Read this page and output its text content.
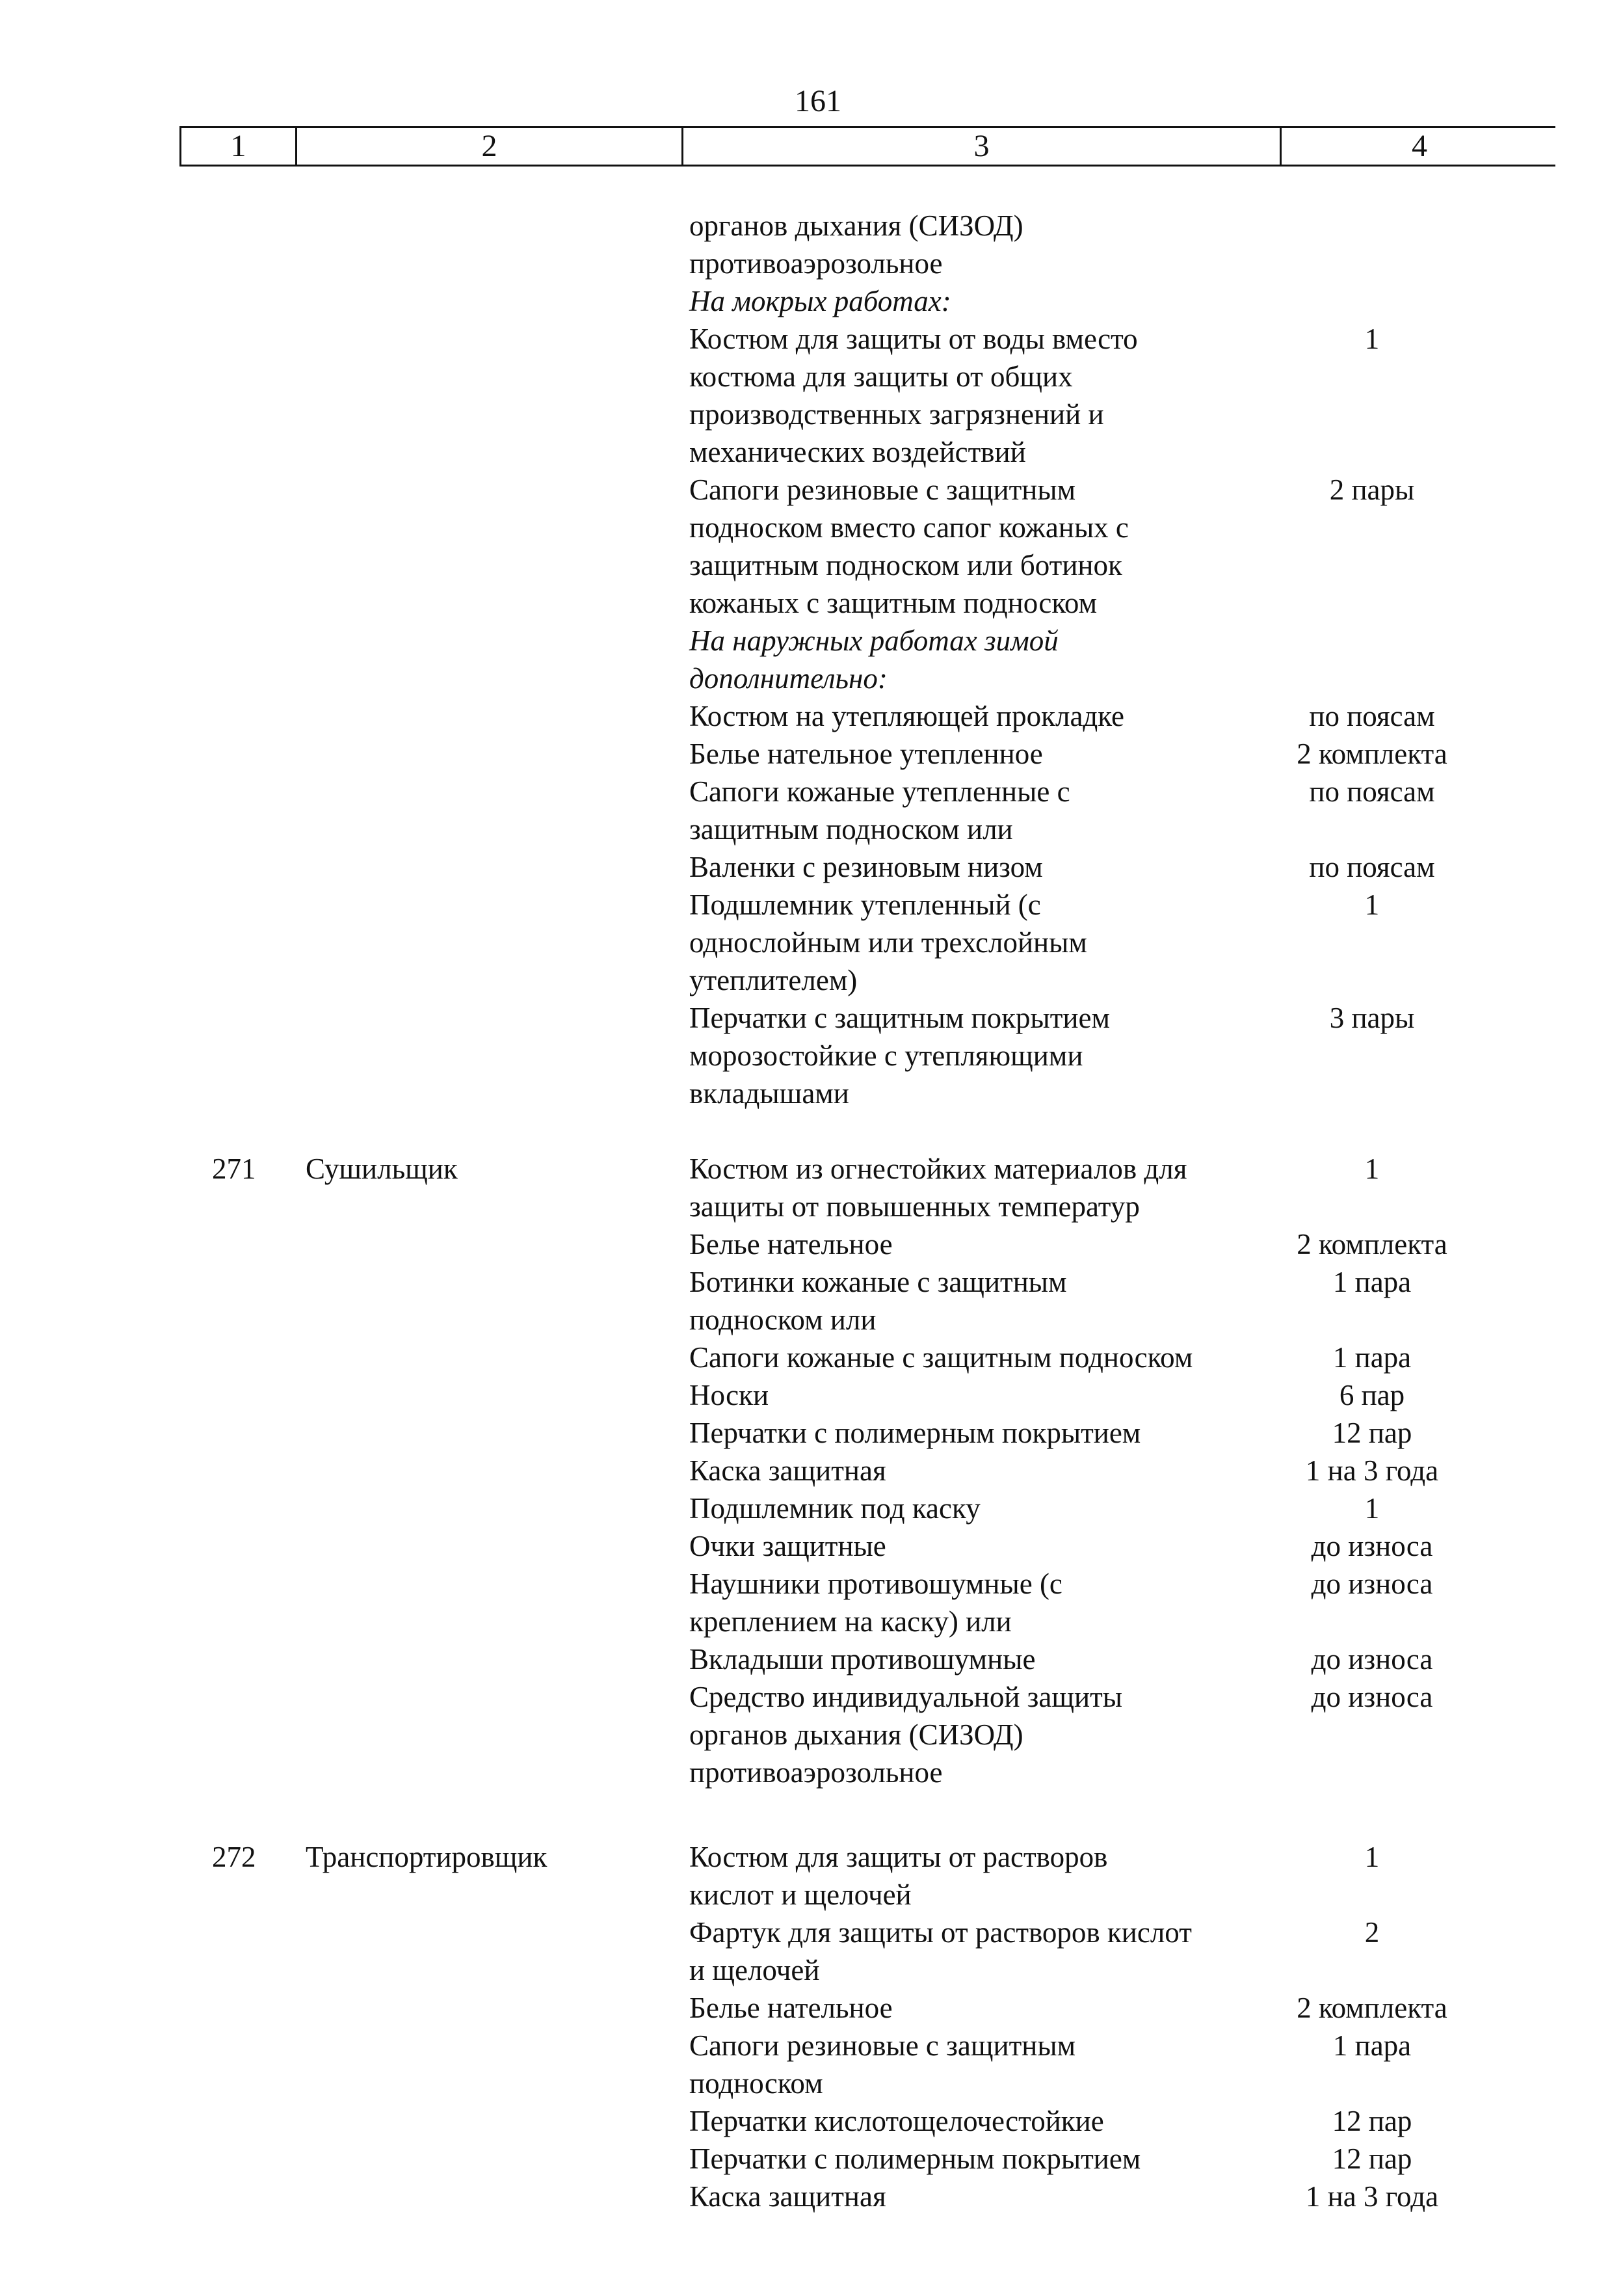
161
1	2	3	4
органов дыхания (СИЗОД)
противоаэрозольное
На мокрых работах:
Костюм для защиты от воды вместо	1
костюма для защиты от общих
производственных загрязнений и
механических воздействий
Сапоги резиновые с защитным	2 пары
подноском вместо сапог кожаных с
защитным подноском или ботинок
кожаных с защитным подноском
На наружных работах зимой
дополнительно:
Костюм на утепляющей прокладке	по поясам
Белье нательное утепленное	2 комплекта
Сапоги кожаные утепленные с	по поясам
защитным подноском или
Валенки с резиновым низом	по поясам
Подшлемник утепленный (с	1
однослойным или трехслойным
утеплителем)
Перчатки с защитным покрытием	3 пары
морозостойкие с утепляющими
вкладышами
271 Сушильщик	Костюм из огнестойких материалов для	1
защиты от повышенных температур
Белье нательное	2 комплекта
Ботинки кожаные с защитным	1 пара
подноском или
Сапоги кожаные с защитным подноском	1 пара
Носки	6 пар
Перчатки с полимерным покрытием	12 пар
Каска защитная	1 на 3 года
Подшлемник под каску	1
Очки защитные	до износа
Наушники противошумные (с	до износа
креплением на каску) или
Вкладыши противошумные	до износа
Средство индивидуальной защиты	до износа
органов дыхания (СИЗОД)
противоаэрозольное
272 Транспортировщик	Костюм для защиты от растворов	1
кислот и щелочей
Фартук для защиты от растворов кислот	2
и щелочей
Белье нательное	2 комплекта
Сапоги резиновые с защитным	1 пара
подноском
Перчатки кислотощелочестойкие	12 пар
Перчатки с полимерным покрытием	12 пар
Каска защитная	1 на 3 года
